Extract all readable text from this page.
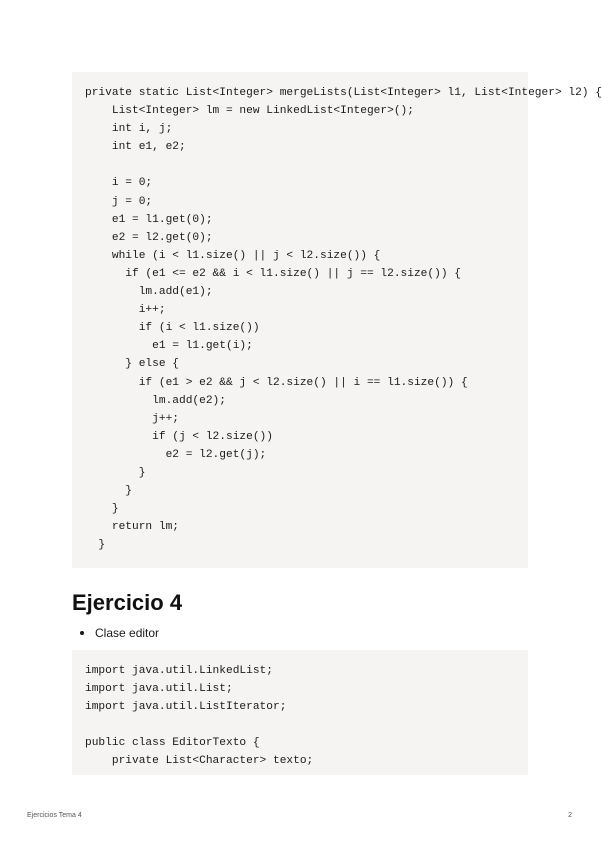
private static List<Integer> mergeLists(List<Integer> l1, List<Integer> l2) {
List<Integer> lm = new LinkedList<Integer>();
int i, j;
int e1, e2;
i = 0;
j = 0;
e1 = l1.get(0);
e2 = l2.get(0);
while (i < l1.size() || j < l2.size()) {
if (e1 <= e2 && i < l1.size() || j == l2.size()) {
lm.add(e1);
i++;
if (i < l1.size())
e1 = l1.get(i);
} else {
if (e1 > e2 && j < l2.size() || i == l1.size()) {
lm.add(e2);
j++;
if (j < l2.size())
e2 = l2.get(j);
}
}
}
return lm;
}
Ejercicio 4
Clase editor
import java.util.LinkedList;
import java.util.List;
import java.util.ListIterator;
public class EditorTexto {
private List<Character> texto;
Ejercicios Tema 4	2
